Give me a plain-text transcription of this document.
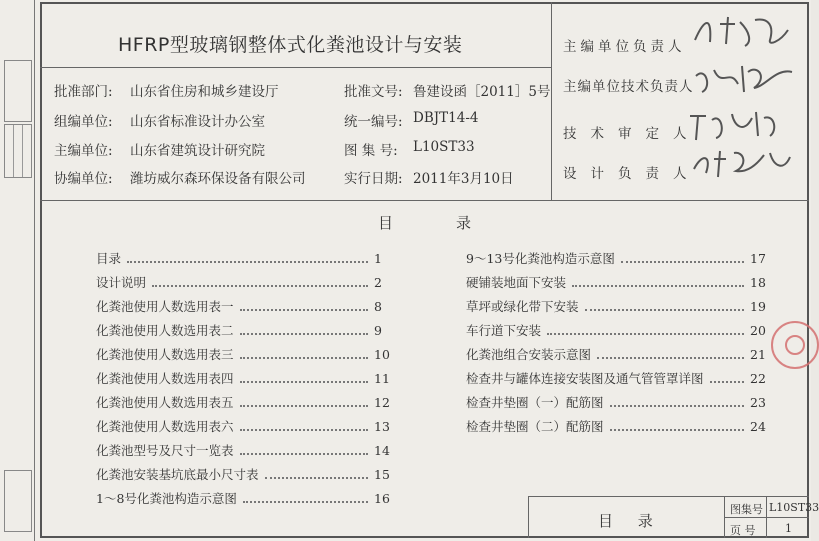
HFRP型玻璃钢整体式化粪池设计与安装
批准部门: 山东省住房和城乡建设厅	批准文号: 鲁建设函［2011］5号
组编单位: 山东省标准设计办公室	统一编号: DBJT14-4
主编单位: 山东省建筑设计研究院	图 集 号: L10ST33
协编单位: 潍坊威尔森环保设备有限公司	实行日期: 2011年3月10日
主编单位负责人
主编单位技术负责人
技术审定人
设计负责人
目	录
目录	1
设计说明	2
化粪池使用人数选用表一	8
化粪池使用人数选用表二	9
化粪池使用人数选用表三	10
化粪池使用人数选用表四	11
化粪池使用人数选用表五	12
化粪池使用人数选用表六	13
化粪池型号及尺寸一览表	14
化粪池安装基坑底最小尺寸表	15
1～8号化粪池构造示意图	16
9～13号化粪池构造示意图	17
硬铺装地面下安装	18
草坪或绿化带下安装	19
车行道下安装	20
化粪池组合安装示意图	21
检查井与罐体连接安装图及通气管管罩详图	22
检查井垫圈（一）配筋图	23
检查井垫圈（二）配筋图	24
目 录
图集号 L10ST33
页 号	1
